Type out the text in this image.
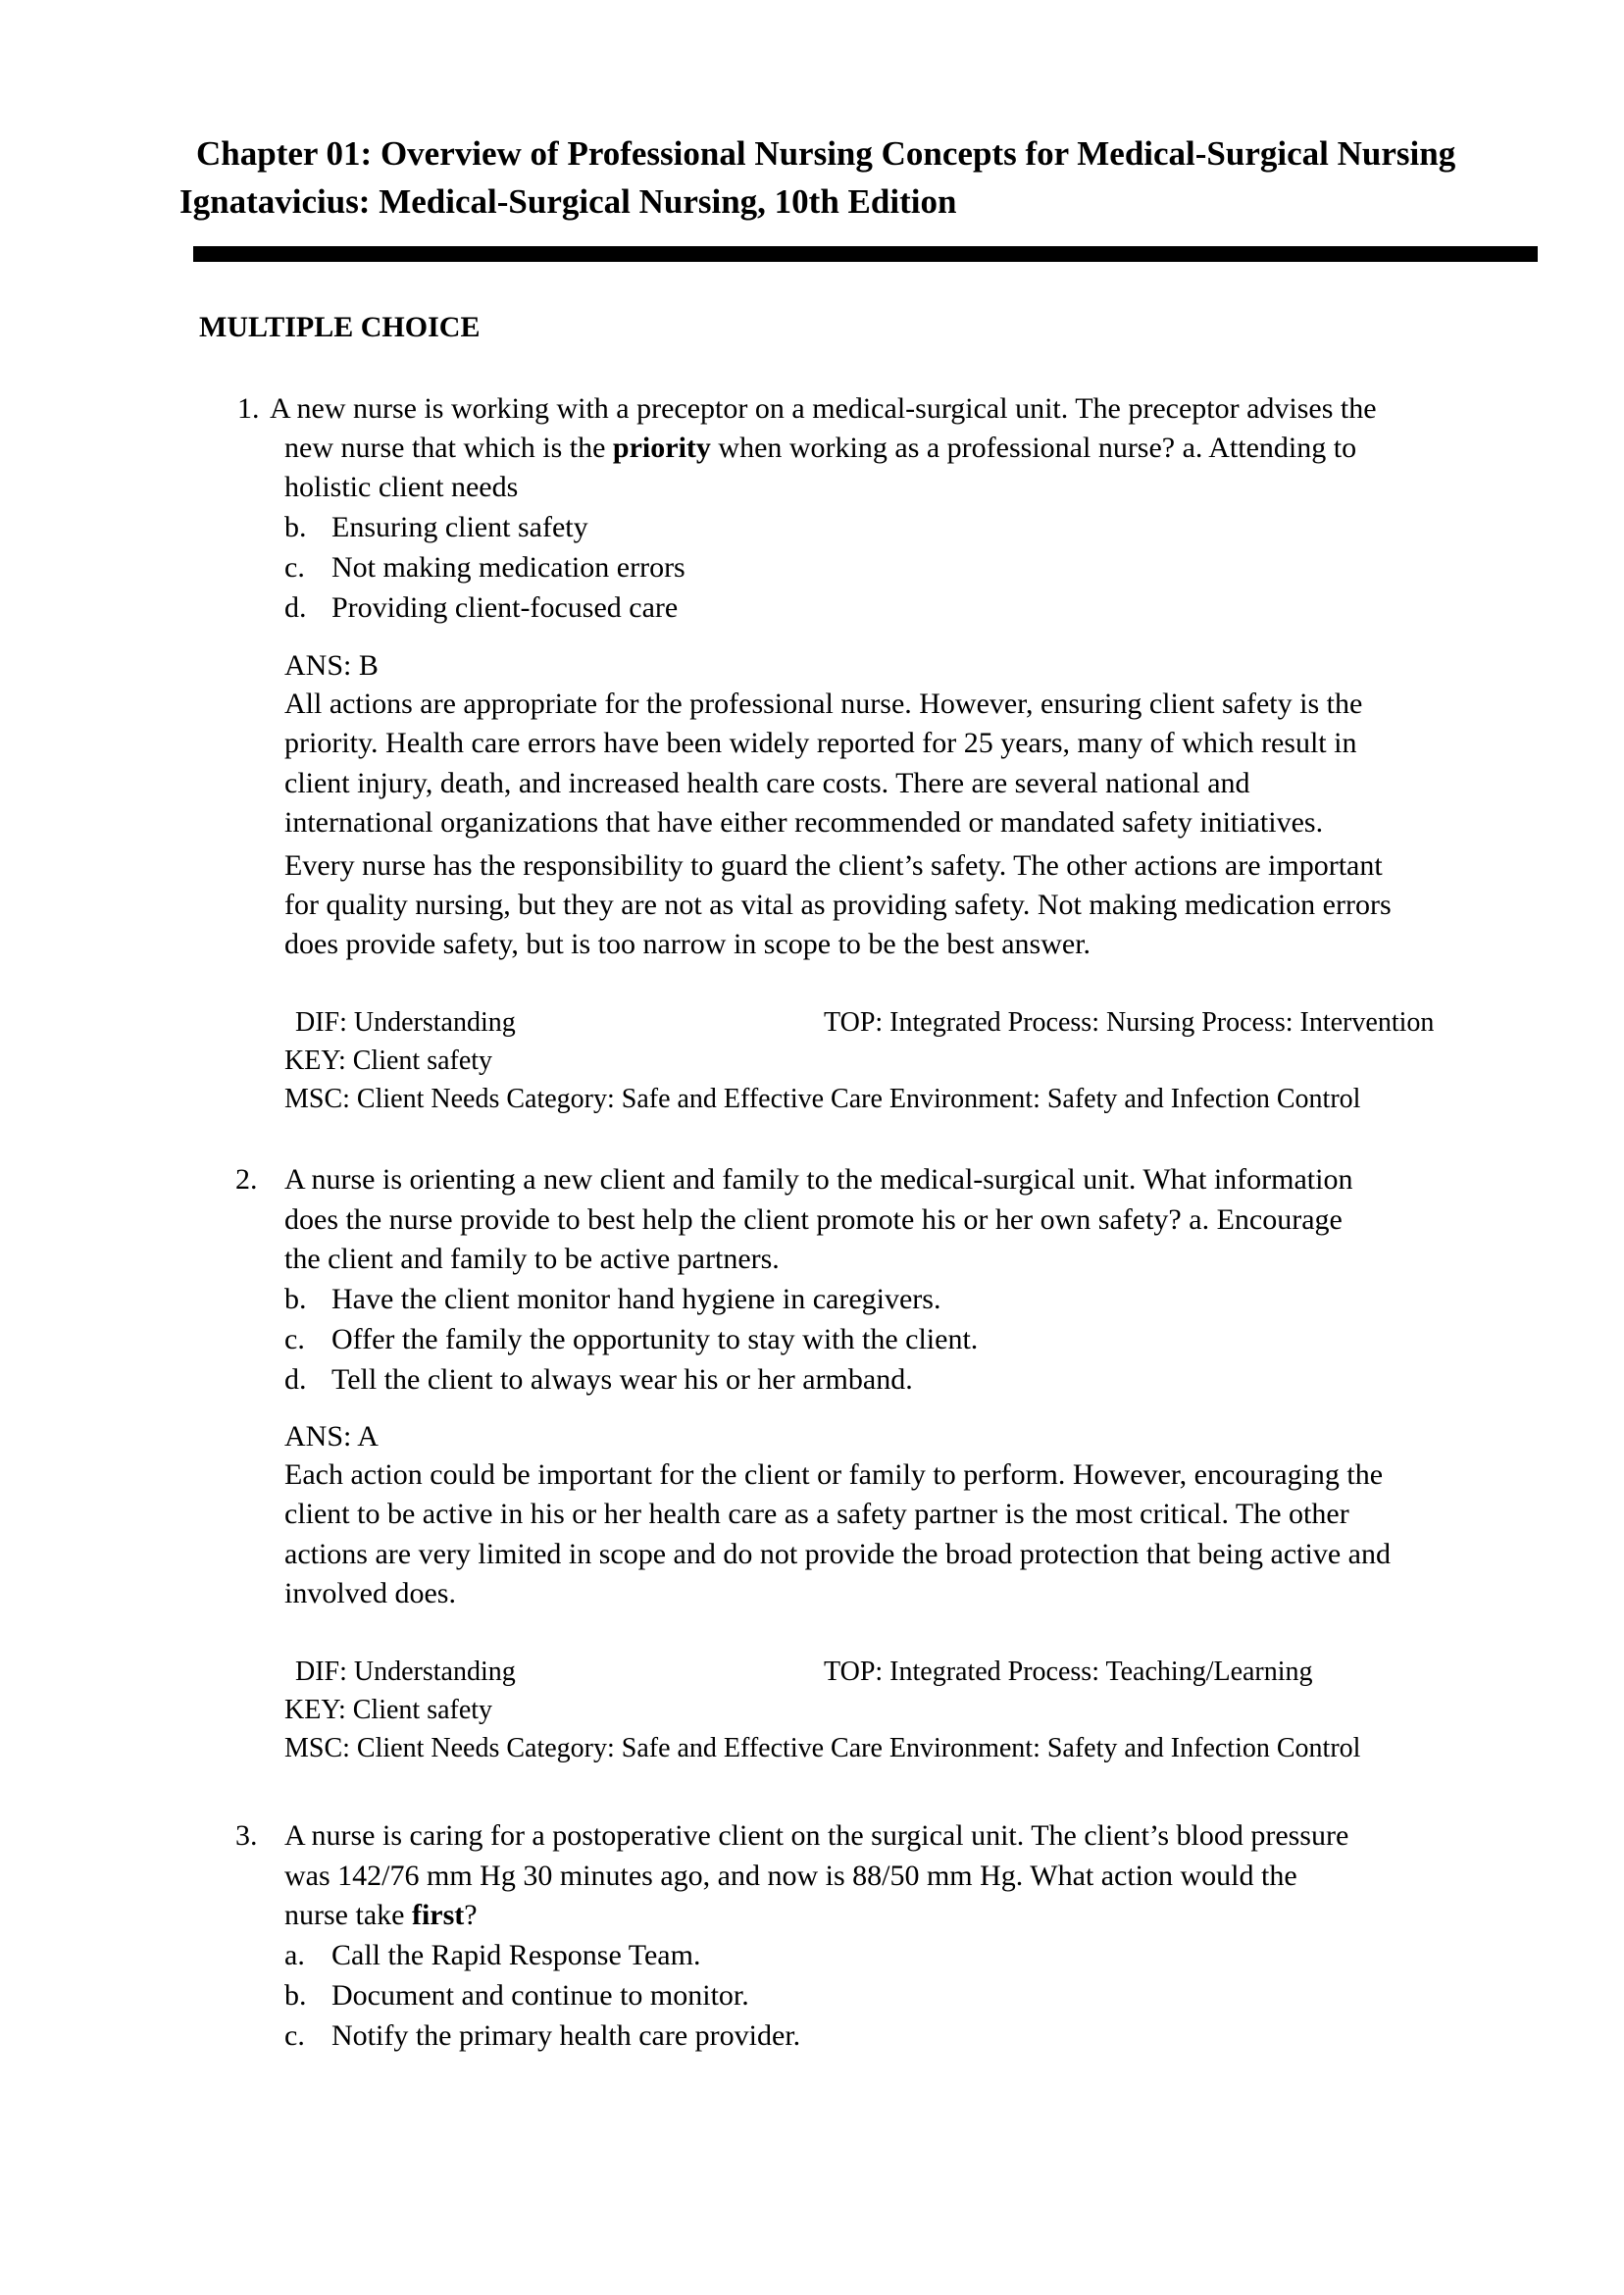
Chapter 01: Overview of Professional Nursing Concepts for Medical-Surgical Nursing
Ignatavicius: Medical-Surgical Nursing, 10th Edition
MULTIPLE CHOICE
1. A new nurse is working with a preceptor on a medical-surgical unit. The preceptor advises the
new nurse that which is the priority when working as a professional nurse? a. Attending to
holistic client needs
b. Ensuring client safety
c. Not making medication errors
d. Providing client-focused care
ANS: B
All actions are appropriate for the professional nurse. However, ensuring client safety is the
priority. Health care errors have been widely reported for 25 years, many of which result in
client injury, death, and increased health care costs. There are several national and
international organizations that have either recommended or mandated safety initiatives.
Every nurse has the responsibility to guard the client’s safety. The other actions are important
for quality nursing, but they are not as vital as providing safety. Not making medication errors
does provide safety, but is too narrow in scope to be the best answer.
DIF: Understanding	TOP: Integrated Process: Nursing Process: Intervention
KEY: Client safety
MSC: Client Needs Category: Safe and Effective Care Environment: Safety and Infection Control
2. A nurse is orienting a new client and family to the medical-surgical unit. What information
does the nurse provide to best help the client promote his or her own safety? a. Encourage
the client and family to be active partners.
b. Have the client monitor hand hygiene in caregivers.
c. Offer the family the opportunity to stay with the client.
d. Tell the client to always wear his or her armband.
ANS: A
Each action could be important for the client or family to perform. However, encouraging the
client to be active in his or her health care as a safety partner is the most critical. The other
actions are very limited in scope and do not provide the broad protection that being active and
involved does.
DIF: Understanding	TOP: Integrated Process: Teaching/Learning
KEY: Client safety
MSC: Client Needs Category: Safe and Effective Care Environment: Safety and Infection Control
3. A nurse is caring for a postoperative client on the surgical unit. The client’s blood pressure
was 142/76 mm Hg 30 minutes ago, and now is 88/50 mm Hg. What action would the
nurse take first?
a. Call the Rapid Response Team.
b. Document and continue to monitor.
c. Notify the primary health care provider.
